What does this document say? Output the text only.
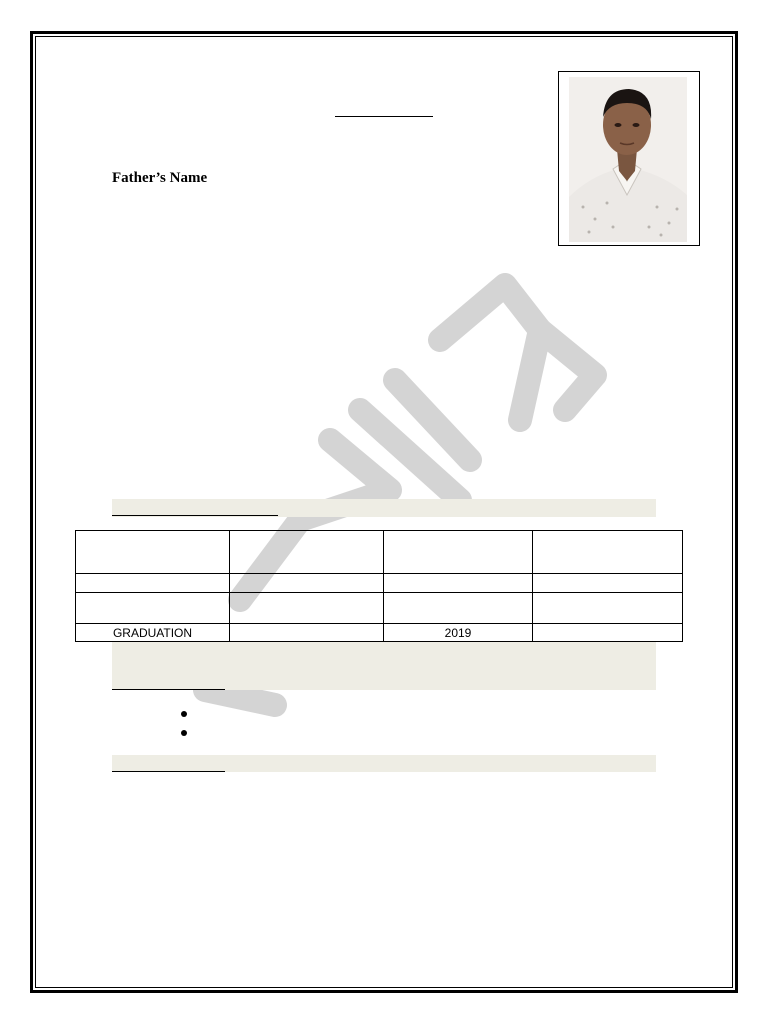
Father’s Name

GRADUATION		2019	
